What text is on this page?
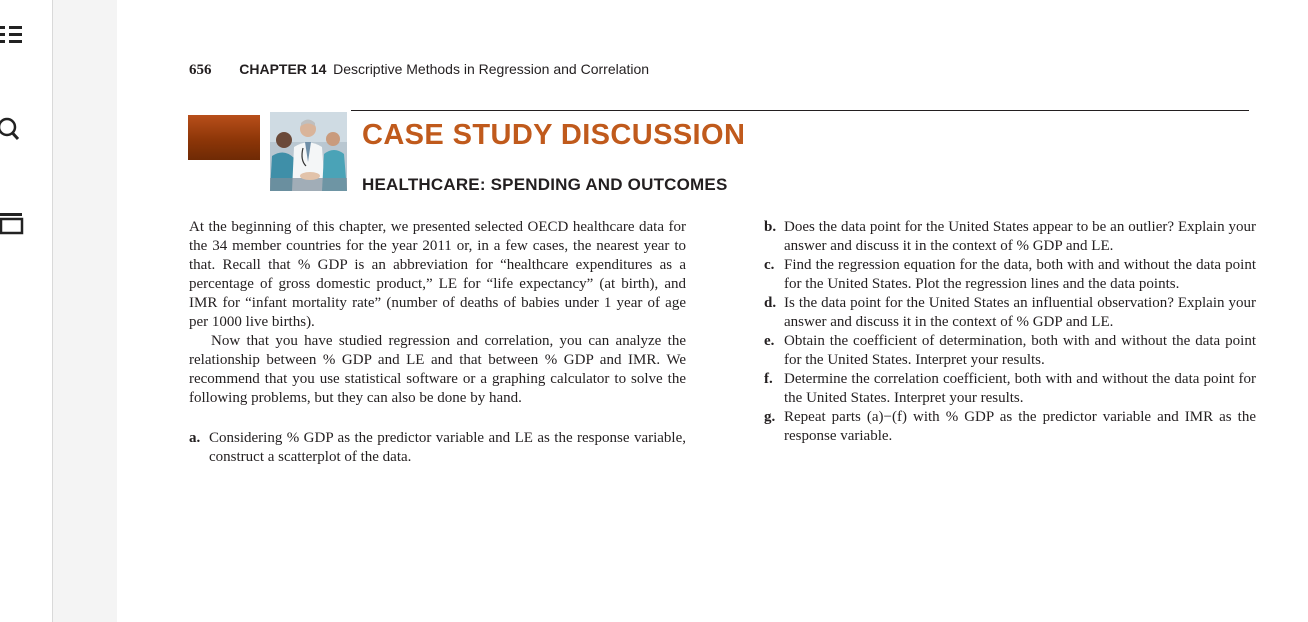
656 CHAPTER 14 Descriptive Methods in Regression and Correlation
CASE STUDY DISCUSSION
HEALTHCARE: SPENDING AND OUTCOMES

At the beginning of this chapter, we presented selected OECD healthcare data for the 34 member countries for the year 2011 or, in a few cases, the nearest year to that. Recall that % GDP is an abbreviation for “healthcare expenditures as a percentage of gross domestic product,” LE for “life expectancy” (at birth), and IMR for “infant mortality rate” (number of deaths of babies under 1 year of age per 1000 live births).

Now that you have studied regression and correlation, you can analyze the relationship between % GDP and LE and that between % GDP and IMR. We recommend that you use statistical software or a graphing calculator to solve the following problems, but they can also be done by hand.

a. Considering % GDP as the predictor variable and LE as the response variable, construct a scatterplot of the data.

b. Does the data point for the United States appear to be an outlier? Explain your answer and discuss it in the context of % GDP and LE.

c. Find the regression equation for the data, both with and without the data point for the United States. Plot the regression lines and the data points.

d. Is the data point for the United States an influential observation? Explain your answer and discuss it in the context of % GDP and LE.

e. Obtain the coefficient of determination, both with and without the data point for the United States. Interpret your results.

f. Determine the correlation coefficient, both with and without the data point for the United States. Interpret your results.

g. Repeat parts (a)−(f) with % GDP as the predictor variable and IMR as the response variable.
